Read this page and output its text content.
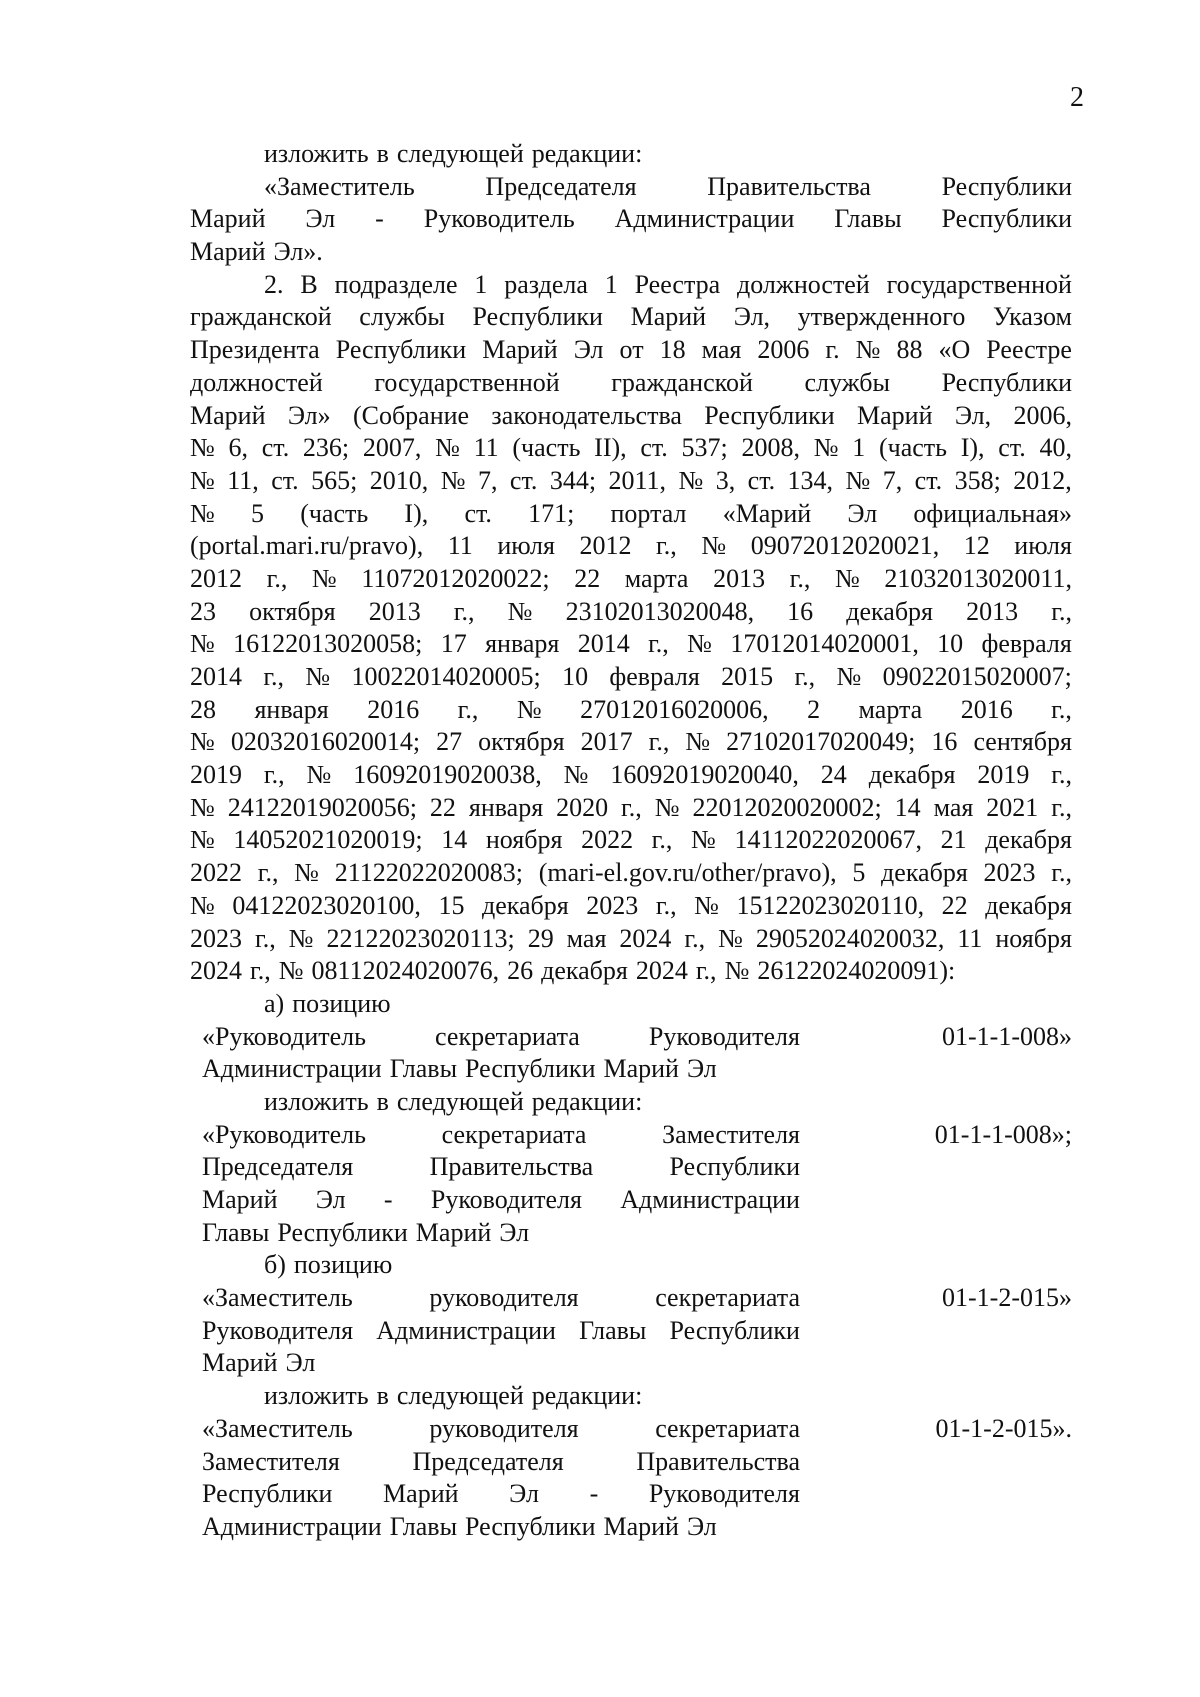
2
изложить в следующей редакции:
«Заместитель	Председателя	Правительства	Республики
Марий Эл - Руководитель Администрации Главы Республики
Марий Эл».
2. В подразделе 1 раздела 1 Реестра должностей государственной
гражданской службы Республики Марий Эл, утвержденного Указом
Президента Республики Марий Эл от 18 мая 2006 г. № 88 «О Реестре
должностей государственной гражданской службы Республики
Марий Эл» (Собрание законодательства Республики Марий Эл, 2006,
№ 6, ст. 236; 2007, № 11 (часть II), ст. 537; 2008, № 1 (часть I), ст. 40,
№ 11, ст. 565; 2010, № 7, ст. 344; 2011, № 3, ст. 134, № 7, ст. 358; 2012,
№ 5 (часть I), ст. 171; портал «Марий Эл официальная»
(portal.mari.ru/pravo), 11 июля 2012 г., № 09072012020021, 12 июля
2012 г., № 11072012020022; 22 марта 2013 г., № 21032013020011,
23 октября 2013 г., № 23102013020048, 16 декабря 2013 г.,
№ 16122013020058; 17 января 2014 г., № 17012014020001, 10 февраля
2014 г., № 10022014020005; 10 февраля 2015 г., № 09022015020007;
28 января 2016 г., № 27012016020006, 2 марта 2016 г.,
№ 02032016020014; 27 октября 2017 г., № 27102017020049; 16 сентября
2019 г., № 16092019020038, № 16092019020040, 24 декабря 2019 г.,
№ 24122019020056; 22 января 2020 г., № 22012020020002; 14 мая 2021 г.,
№ 14052021020019; 14 ноября 2022 г., № 14112022020067, 21 декабря
2022 г., № 21122022020083; (mari-el.gov.ru/other/pravo), 5 декабря 2023 г.,
№ 04122023020100, 15 декабря 2023 г., № 15122023020110, 22 декабря
2023 г., № 22122023020113; 29 мая 2024 г., № 29052024020032, 11 ноября
2024 г., № 08112024020076, 26 декабря 2024 г., № 26122024020091):
а) позицию
«Руководитель	секретариата	Руководителя
Администрации Главы Республики Марий Эл
01-1-1-008»
изложить в следующей редакции:
«Руководитель	секретариата	Заместителя
Председателя	Правительства	Республики
Марий Эл - Руководителя Администрации
Главы Республики Марий Эл
01-1-1-008»;
б) позицию
«Заместитель	руководителя	секретариата
Руководителя Администрации Главы Республики
Марий Эл
01-1-2-015»
изложить в следующей редакции:
«Заместитель	руководителя	секретариата
Заместителя	Председателя	Правительства
Республики Марий Эл - Руководителя
Администрации Главы Республики Марий Эл
01-1-2-015».
